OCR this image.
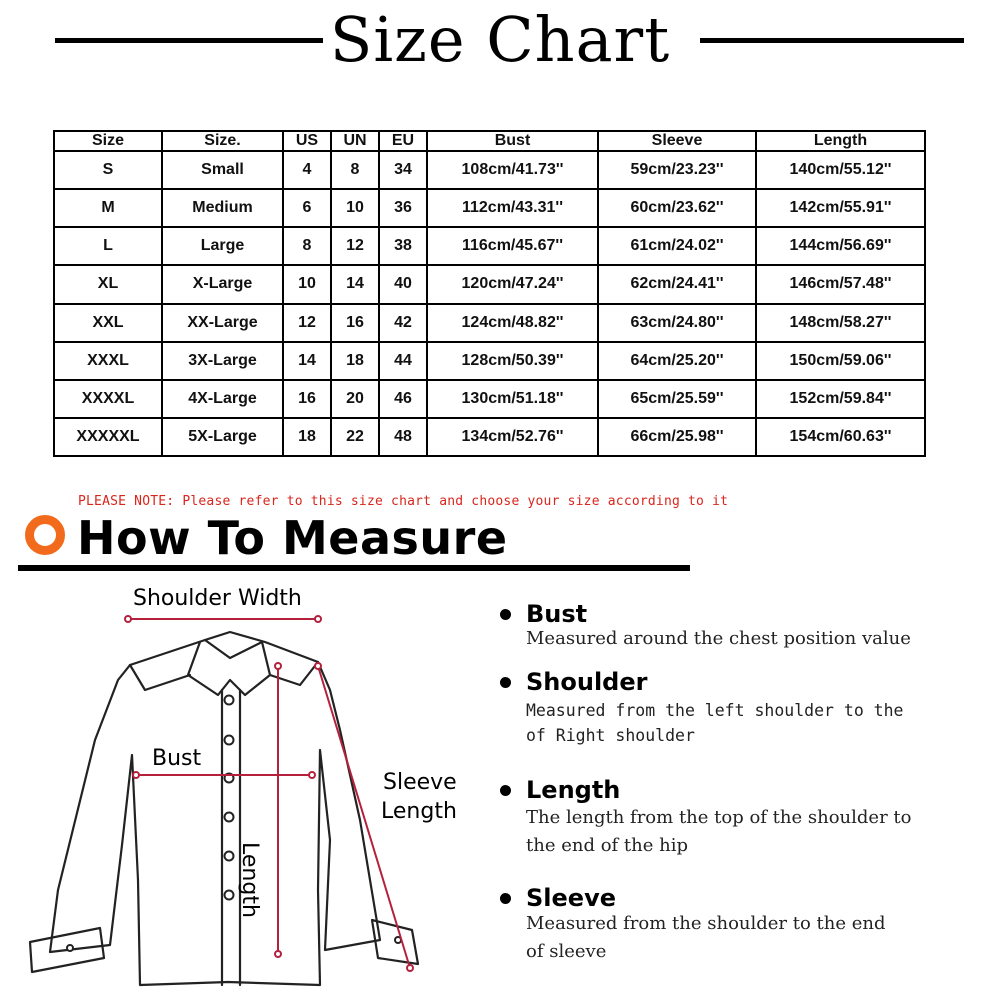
Size Chart
Size	Size.	US	UN	EU	Bust	Sleeve	Length
S	Small	4	8	34	108cm/41.73''	59cm/23.23''	140cm/55.12''
M	Medium	6	10	36	112cm/43.31''	60cm/23.62''	142cm/55.91''
L	Large	8	12	38	116cm/45.67''	61cm/24.02''	144cm/56.69''
XL	X-Large	10	14	40	120cm/47.24''	62cm/24.41''	146cm/57.48''
XXL	XX-Large	12	16	42	124cm/48.82''	63cm/24.80''	148cm/58.27''
XXXL	3X-Large	14	18	44	128cm/50.39''	64cm/25.20''	150cm/59.06''
XXXXL	4X-Large	16	20	46	130cm/51.18''	65cm/25.59''	152cm/59.84''
XXXXXL	5X-Large	18	22	48	134cm/52.76''	66cm/25.98''	154cm/60.63''
PLEASE NOTE: Please refer to this size chart and choose your size according to it
How To Measure
Shoulder Width
Bust
Sleeve
Length
Length
Bust
Measured around the chest position value
Shoulder
Measured from the left shoulder to the
of Right shoulder
Length
The length from the top of the shoulder to
the end of the hip
Sleeve
Measured from the shoulder to the end
of sleeve
